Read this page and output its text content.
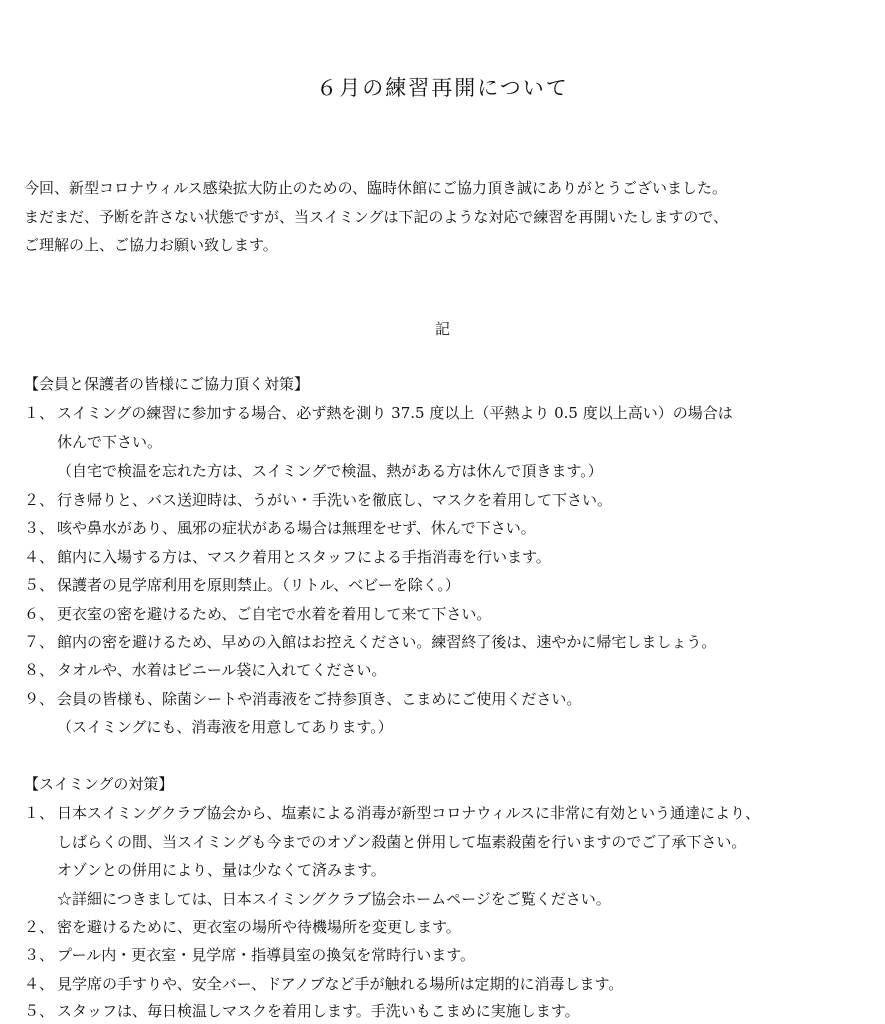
６月の練習再開について
今回、新型コロナウィルス感染拡大防止のための、臨時休館にご協力頂き誠にありがとうございました。
まだまだ、予断を許さない状態ですが、当スイミングは下記のような対応で練習を再開いたしますので、
ご理解の上、ご協力お願い致します。
記
【会員と保護者の皆様にご協力頂く対策】
１、 スイミングの練習に参加する場合、必ず熱を測り 37.5 度以上（平熱より 0.5 度以上高い）の場合は
休んで下さい。
（自宅で検温を忘れた方は、スイミングで検温、熱がある方は休んで頂きます。）
２、 行き帰りと、バス送迎時は、うがい・手洗いを徹底し、マスクを着用して下さい。
３、 咳や鼻水があり、風邪の症状がある場合は無理をせず、休んで下さい。
４、 館内に入場する方は、マスク着用とスタッフによる手指消毒を行います。
５、 保護者の見学席利用を原則禁止。（リトル、ベビーを除く。）
６、 更衣室の密を避けるため、ご自宅で水着を着用して来て下さい。
７、 館内の密を避けるため、早めの入館はお控えください。練習終了後は、速やかに帰宅しましょう。
８、 タオルや、水着はビニール袋に入れてください。
９、 会員の皆様も、除菌シートや消毒液をご持参頂き、こまめにご使用ください。
（スイミングにも、消毒液を用意してあります。）
【スイミングの対策】
１、 日本スイミングクラブ協会から、塩素による消毒が新型コロナウィルスに非常に有効という通達により、
しばらくの間、当スイミングも今までのオゾン殺菌と併用して塩素殺菌を行いますのでご了承下さい。
オゾンとの併用により、量は少なくて済みます。
☆詳細につきましては、日本スイミングクラブ協会ホームページをご覧ください。
２、 密を避けるために、更衣室の場所や待機場所を変更します。
３、 プール内・更衣室・見学席・指導員室の換気を常時行います。
４、 見学席の手すりや、安全バー、ドアノブなど手が触れる場所は定期的に消毒します。
５、 スタッフは、毎日検温しマスクを着用します。手洗いもこまめに実施します。
